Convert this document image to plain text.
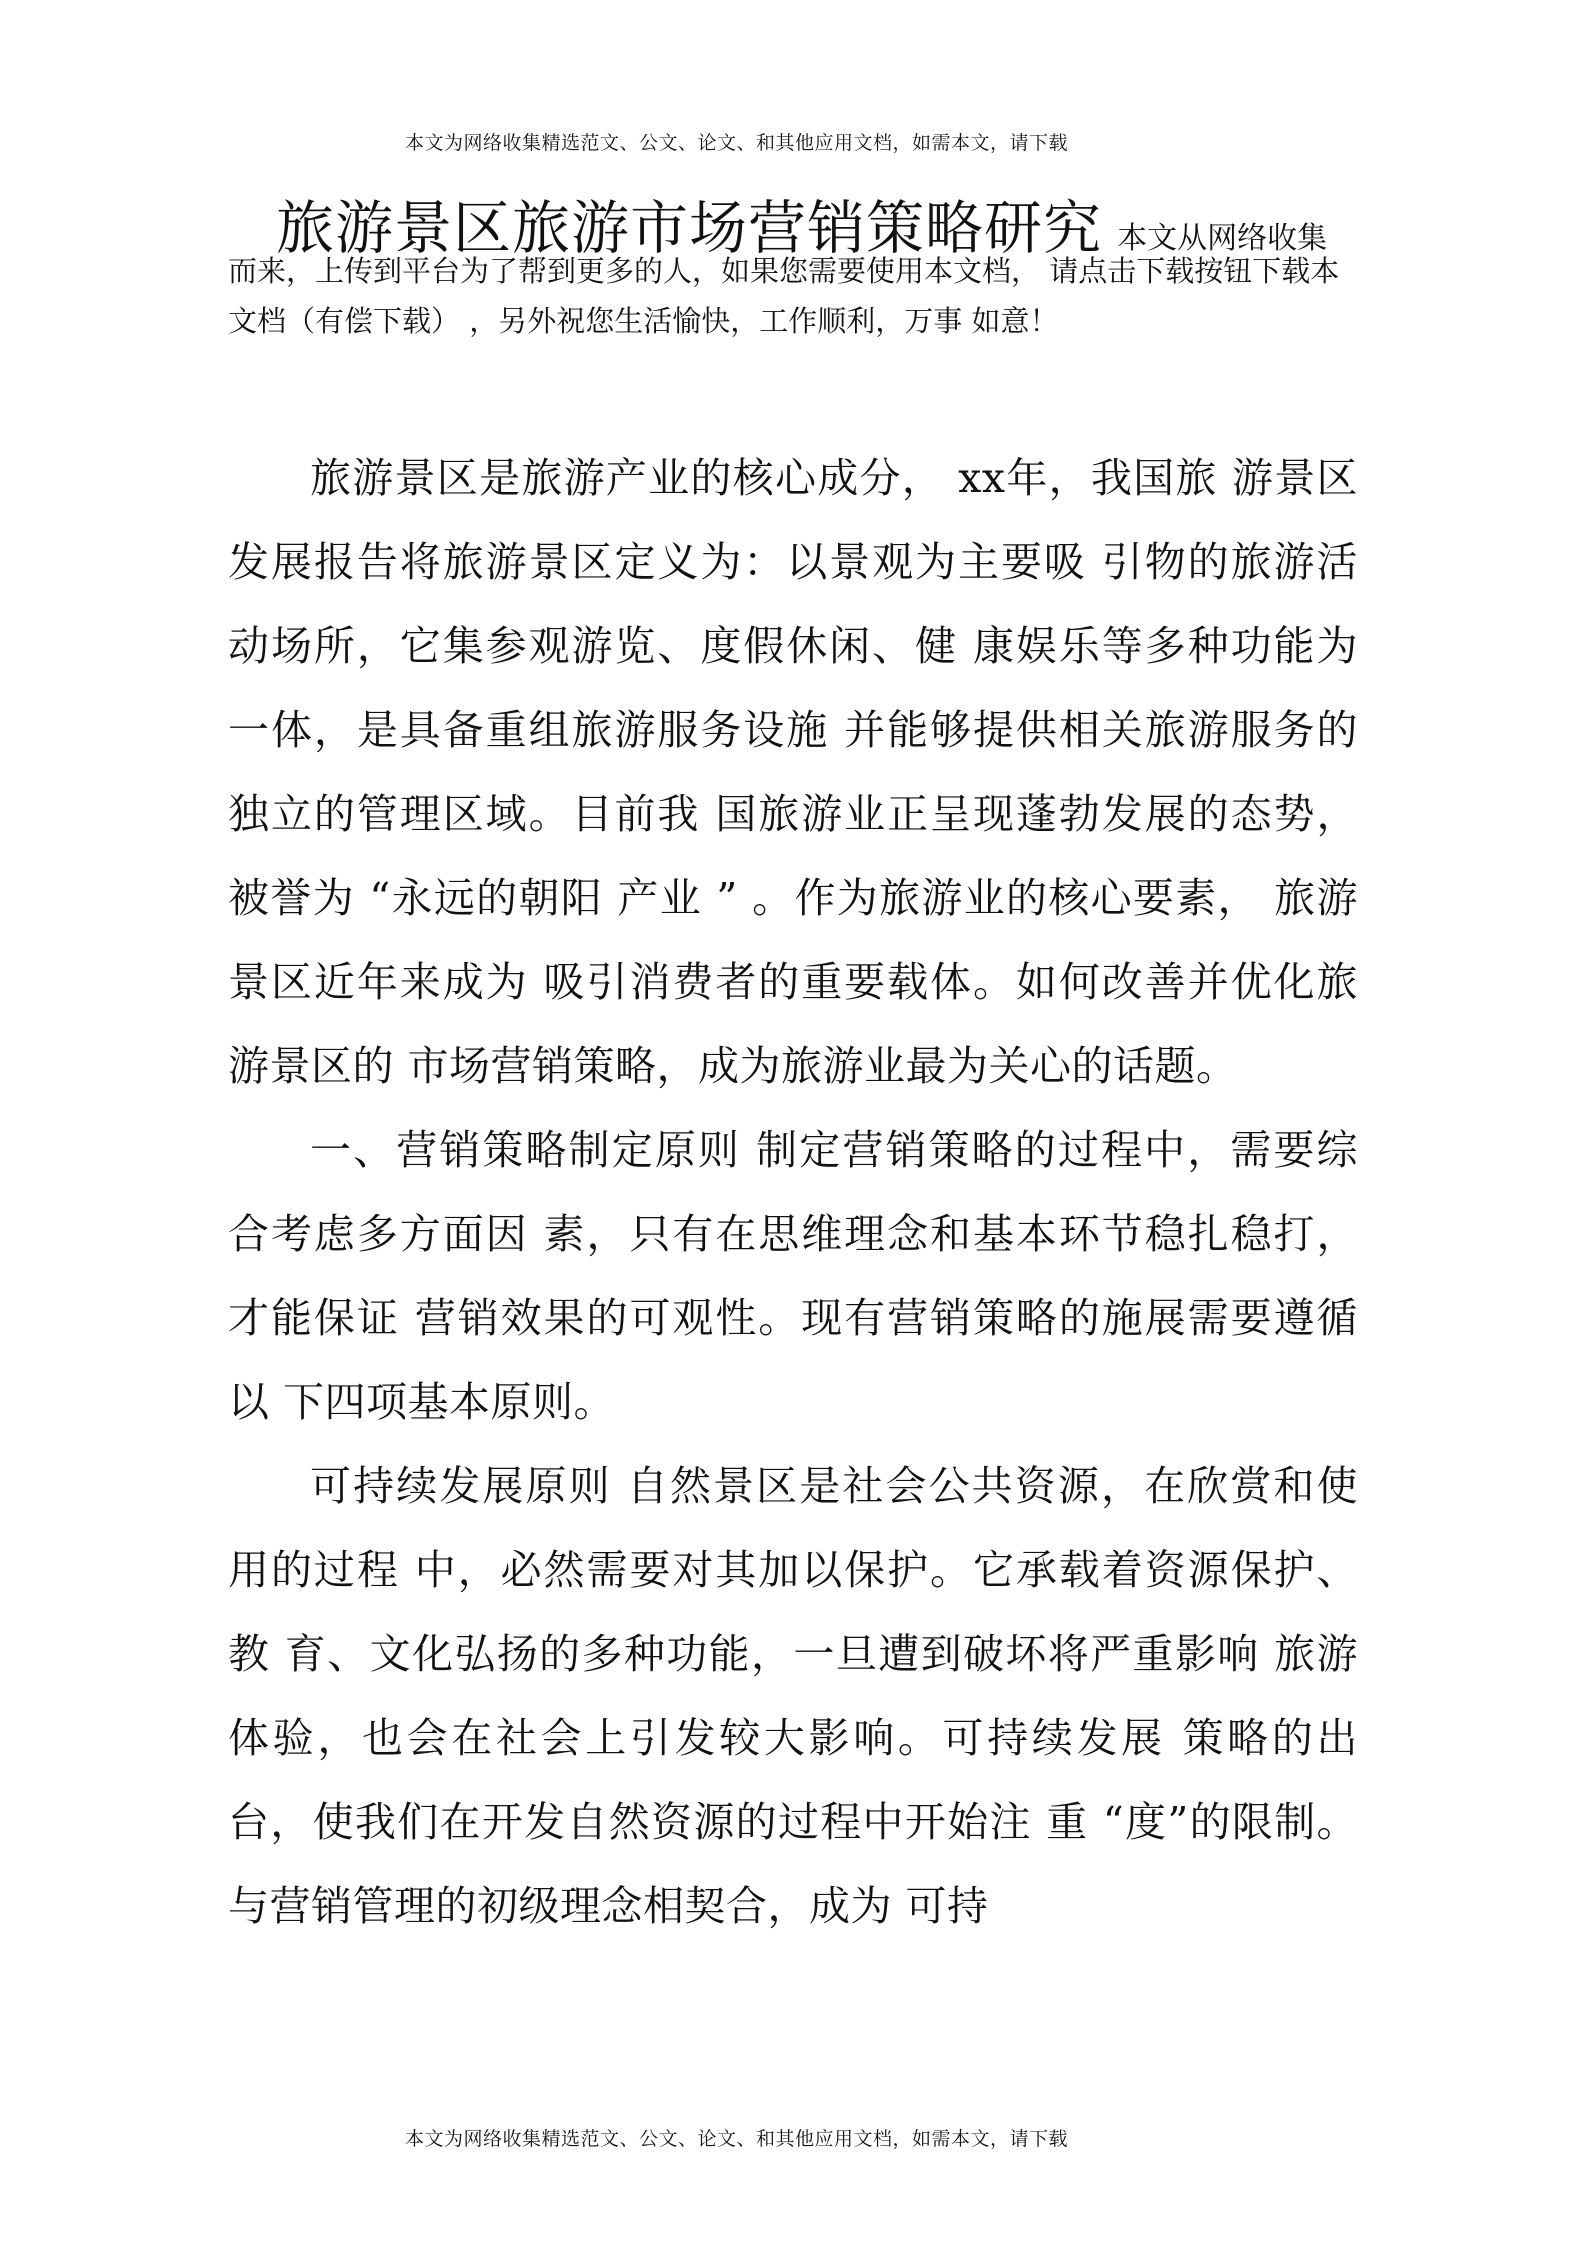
本文为网络收集精选范文、公文、论文、和其他应用文档，如需本文，请下载
旅游景区旅游市场营销策略研究 本文从网络收集
而来，上传到平台为了帮到更多的人，如果您需要使用本文档， 请点击下载按钮下载本文档（有偿下载） ，另外祝您生活愉快，工作顺利，万事 如意！

旅游景区是旅游产业的核心成分， xx年，我国旅 游景区发展报告将旅游景区定义为：以景观为主要吸 引物的旅游活动场所，它集参观游览、度假休闲、健 康娱乐等多种功能为一体，是具备重组旅游服务设施 并能够提供相关旅游服务的独立的管理区域。目前我 国旅游业正呈现蓬勃发展的态势， 被誉为 “永远的朝阳 产业 ” 。作为旅游业的核心要素， 旅游景区近年来成为 吸引消费者的重要载体。如何改善并优化旅游景区的 市场营销策略，成为旅游业最为关心的话题。

一、营销策略制定原则 制定营销策略的过程中，需要综合考虑多方面因 素，只有在思维理念和基本环节稳扎稳打，才能保证 营销效果的可观性。现有营销策略的施展需要遵循以 下四项基本原则。

可持续发展原则 自然景区是社会公共资源，在欣赏和使用的过程 中，必然需要对其加以保护。它承载着资源保护、教 育、文化弘扬的多种功能，一旦遭到破坏将严重影响 旅游体验，也会在社会上引发较大影响。可持续发展 策略的出台，使我们在开发自然资源的过程中开始注 重 “度”的限制。与营销管理的初级理念相契合，成为 可持

本文为网络收集精选范文、公文、论文、和其他应用文档，如需本文，请下载
